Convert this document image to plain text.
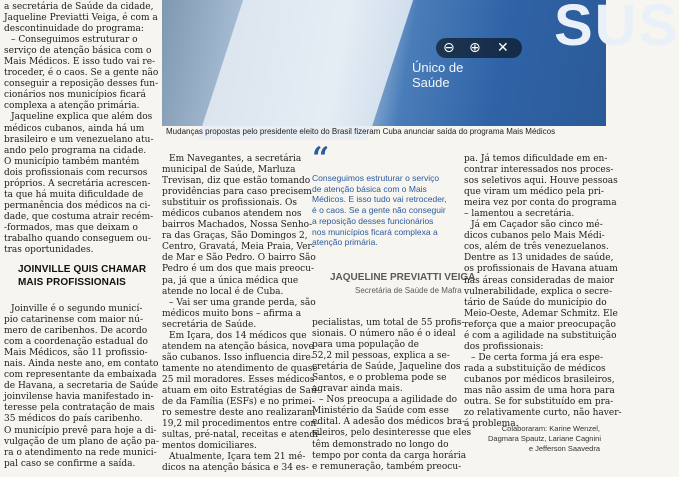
SUS
Único de
Saúde
⊖ ⊕ ✕
Mudanças propostas pelo presidente eleito do Brasil fizeram Cuba anunciar saída do programa Mais Médicos
a secretária de Saúde da cidade,
Jaqueline Previatti Veiga, é com a
descontinuidade do programa:
– Conseguimos estruturar o
serviço de atenção básica com o
Mais Médicos. E isso tudo vai re-
troceder, é o caos. Se a gente não
conseguir a reposição desses fun-
cionários nos municípios ficará
complexa a atenção primária.
Jaqueline explica que além dos
médicos cubanos, ainda há um
brasileiro e um venezuelano atu-
ando pelo programa na cidade.
O município também mantém
dois profissionais com recursos
próprios. A secretária acrescen-
ta que há muita dificuldade de
permanência dos médicos na ci-
dade, que costuma atrair recém-
-formados, mas que deixam o
trabalho quando conseguem ou-
tras oportunidades.
JOINVILLE QUIS CHAMAR
MAIS PROFISSIONAIS
Joinville é o segundo municí-
pio catarinense com maior nú-
mero de caribenhos. De acordo
com a coordenação estadual do
Mais Médicos, são 11 profissio-
nais. Ainda neste ano, em contato
com representante da embaixada
de Havana, a secretaria de Saúde
joinvilense havia manifestado in-
teresse pela contratação de mais
35 médicos do país caribenho.
O município prevê para hoje a di-
vulgação de um plano de ação pa-
ra o atendimento na rede munici-
pal caso se confirme a saída.
Em Navegantes, a secretária
municipal de Saúde, Marluza
Trevisan, diz que estão tomando
providências para caso precisem
substituir os profissionais. Os
médicos cubanos atendem nos
bairros Machados, Nossa Senho-
ra das Graças, São Domingos 2,
Centro, Gravatá, Meia Praia, Ver-
de Mar e São Pedro. O bairro São
Pedro é um dos que mais preocu-
pa, já que a única médica que
atende no local é de Cuba.
– Vai ser uma grande perda, são
médicos muito bons – afirma a
secretária de Saúde.
Em Içara, dos 14 médicos que
atendem na atenção básica, nove
são cubanos. Isso influencia dire-
tamente no atendimento de quase
25 mil moradores. Esses médicos
atuam em oito Estratégias de Saú-
de da Família (ESFs) e no primei-
ro semestre deste ano realizaram
19,2 mil procedimentos entre con-
sultas, pré-natal, receitas e atendi-
mentos domiciliares.
Atualmente, Içara tem 21 mé-
dicos na atenção básica e 34 es-
“
Conseguimos estruturar o serviço
de atenção básica com o Mais
Médicos. E isso tudo vai retroceder,
é o caos. Se a gente não conseguir
a reposição desses funcionários
nos municípios ficará complexa a
atenção primária.
JAQUELINE PREVIATTI VEIGA
Secretária de Saúde de Mafra
pecialistas, um total de 55 profis-
sionais. O número não é o ideal
para uma população de
52,2 mil pessoas, explica a se-
cretária de Saúde, Jaqueline dos
Santos, e o problema pode se
agravar ainda mais.
– Nos preocupa a agilidade do
Ministério da Saúde com esse
edital. A adesão dos médicos bra-
sileiros, pelo desinteresse que eles
têm demonstrado no longo do
tempo por conta da carga horária
e remuneração, também preocu-
pa. Já temos dificuldade em en-
contrar interessados nos proces-
sos seletivos aqui. Houve pessoas
que viram um médico pela pri-
meira vez por conta do programa
– lamentou a secretária.
Já em Caçador são cinco mé-
dicos cubanos pelo Mais Médi-
cos, além de três venezuelanos.
Dentre as 13 unidades de saúde,
os profissionais de Havana atuam
nas áreas consideradas de maior
vulnerabilidade, explica o secre-
tário de Saúde do município do
Meio-Oeste, Ademar Schmitz. Ele
reforça que a maior preocupação
é com a agilidade na substituição
dos profissionais:
– De certa forma já era espe-
rada a substituição de médicos
cubanos por médicos brasileiros,
mas não assim de uma hora para
outra. Se for substituído em pra-
zo relativamente curto, não haver-
á problema.
Colaboraram: Karine Wenzel,
Dagmara Spautz, Lariane Cagnini
e Jefferson Saavedra
